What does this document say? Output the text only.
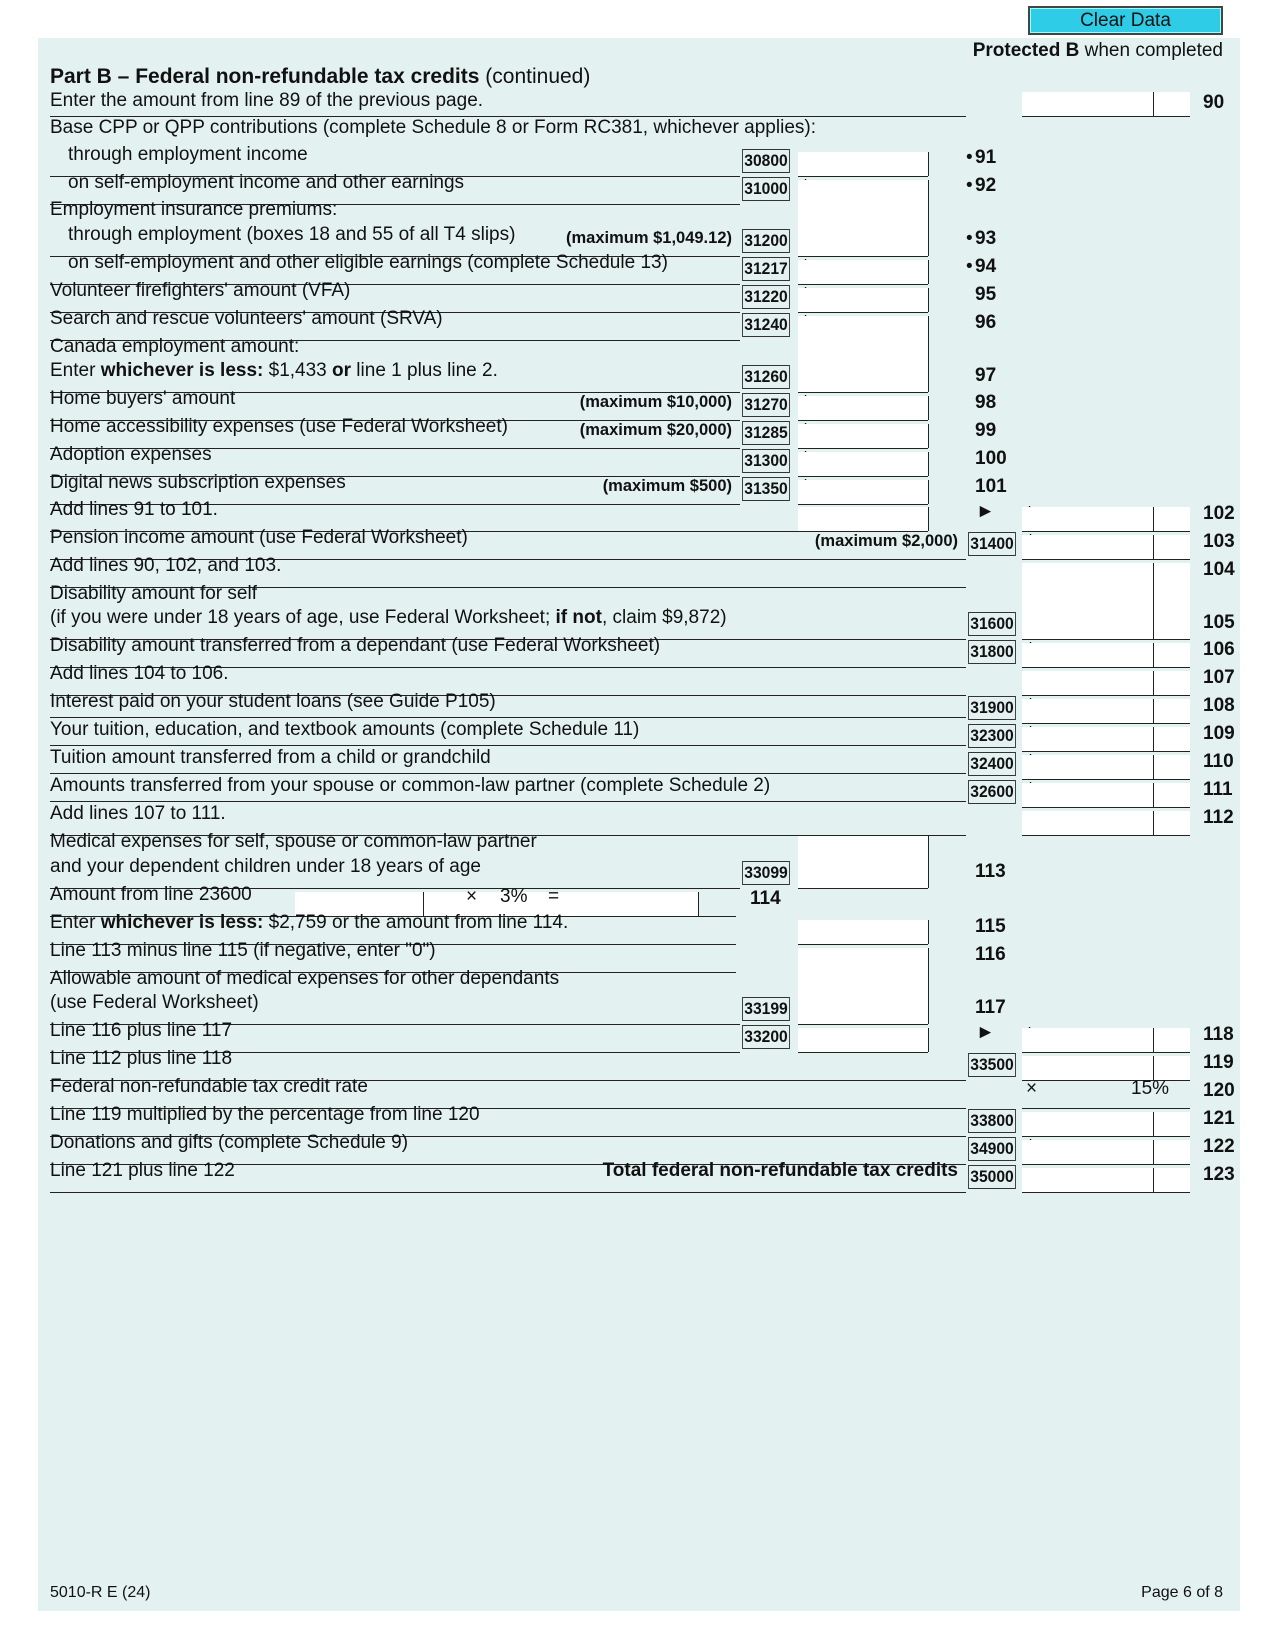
Clear Data
Protected B when completed
Part B – Federal non-refundable tax credits (continued)
Enter the amount from line 89 of the previous page.	90
Base CPP or QPP contributions (complete Schedule 8 or Form RC381, whichever applies):
through employment income	30800	• 91
on self-employment income and other earnings	31000	• 92
Employment insurance premiums:
through employment (boxes 18 and 55 of all T4 slips)	(maximum $1,049.12) 31200	• 93
on self-employment and other eligible earnings (complete Schedule 13)	31217	• 94
Volunteer firefighters' amount (VFA)	31220	95
Search and rescue volunteers' amount (SRVA)	31240	96
Canada employment amount:
Enter whichever is less: $1,433 or line 1 plus line 2.	31260	97
Home buyers' amount	(maximum $10,000) 31270	98
Home accessibility expenses (use Federal Worksheet)	(maximum $20,000) 31285	99
Adoption expenses	31300	100
Digital news subscription expenses	(maximum $500) 31350	101
Add lines 91 to 101.	►	102
Pension income amount (use Federal Worksheet)	(maximum $2,000) 31400	103
Add lines 90, 102, and 103.	104
Disability amount for self
(if you were under 18 years of age, use Federal Worksheet; if not, claim $9,872)	31600	105
Disability amount transferred from a dependant (use Federal Worksheet)	31800	106
Add lines 104 to 106.	107
Interest paid on your student loans (see Guide P105)	31900	108
Your tuition, education, and textbook amounts (complete Schedule 11)	32300	109
Tuition amount transferred from a child or grandchild	32400	110
Amounts transferred from your spouse or common-law partner (complete Schedule 2)	32600	111
Add lines 107 to 111.	112
Medical expenses for self, spouse or common-law partner
and your dependent children under 18 years of age	33099	113
Amount from line 23600	× 3% =	114
Enter whichever is less: $2,759 or the amount from line 114.	115
Line 113 minus line 115 (if negative, enter "0")	116
Allowable amount of medical expenses for other dependants
(use Federal Worksheet)	33199	117
Line 116 plus line 117	33200	►	118
Line 112 plus line 118	33500	119
Federal non-refundable tax credit rate	×	15% 120
Line 119 multiplied by the percentage from line 120	33800	121
Donations and gifts (complete Schedule 9)	34900	122
Line 121 plus line 122	Total federal non-refundable tax credits 35000	123
5010-R E (24)	Page 6 of 8
